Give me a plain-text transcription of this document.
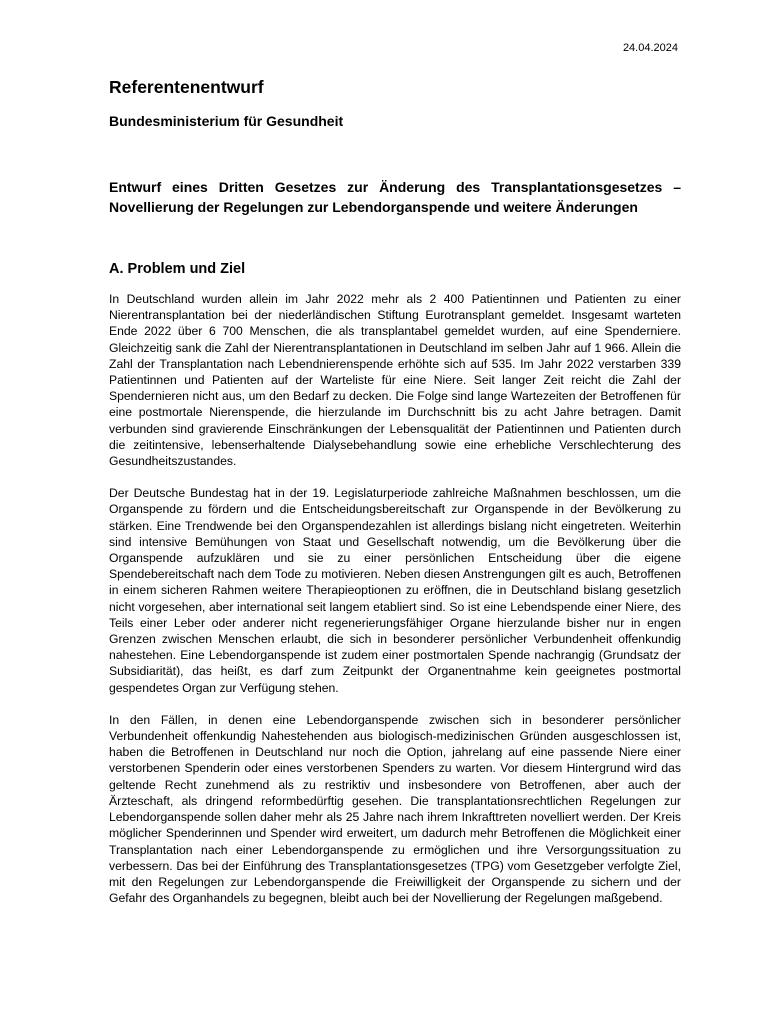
24.04.2024
Referentenentwurf
Bundesministerium für Gesundheit
Entwurf eines Dritten Gesetzes zur Änderung des Transplantationsgesetzes – Novellierung der Regelungen zur Lebendorganspende und weitere Änderungen
A. Problem und Ziel

In Deutschland wurden allein im Jahr 2022 mehr als 2 400 Patientinnen und Patienten zu einer Nierentransplantation bei der niederländischen Stiftung Eurotransplant gemeldet. Insgesamt warteten Ende 2022 über 6 700 Menschen, die als transplantabel gemeldet wurden, auf eine Spenderniere. Gleichzeitig sank die Zahl der Nierentransplantationen in Deutschland im selben Jahr auf 1 966. Allein die Zahl der Transplantation nach Lebendnierenspende erhöhte sich auf 535. Im Jahr 2022 verstarben 339 Patientinnen und Patienten auf der Warteliste für eine Niere. Seit langer Zeit reicht die Zahl der Spendernieren nicht aus, um den Bedarf zu decken. Die Folge sind lange Wartezeiten der Betroffenen für eine postmortale Nierenspende, die hierzulande im Durchschnitt bis zu acht Jahre betragen. Damit verbunden sind gravierende Einschränkungen der Lebensqualität der Patientinnen und Patienten durch die zeitintensive, lebenserhaltende Dialysebehandlung sowie eine erhebliche Verschlechterung des Gesundheitszustandes.

Der Deutsche Bundestag hat in der 19. Legislaturperiode zahlreiche Maßnahmen beschlossen, um die Organspende zu fördern und die Entscheidungsbereitschaft zur Organspende in der Bevölkerung zu stärken. Eine Trendwende bei den Organspendezahlen ist allerdings bislang nicht eingetreten. Weiterhin sind intensive Bemühungen von Staat und Gesellschaft notwendig, um die Bevölkerung über die Organspende aufzuklären und sie zu einer persönlichen Entscheidung über die eigene Spendebereitschaft nach dem Tode zu motivieren. Neben diesen Anstrengungen gilt es auch, Betroffenen in einem sicheren Rahmen weitere Therapieoptionen zu eröffnen, die in Deutschland bislang gesetzlich nicht vorgesehen, aber international seit langem etabliert sind. So ist eine Lebendspende einer Niere, des Teils einer Leber oder anderer nicht regenerierungsfähiger Organe hierzulande bisher nur in engen Grenzen zwischen Menschen erlaubt, die sich in besonderer persönlicher Verbundenheit offenkundig nahestehen. Eine Lebendorganspende ist zudem einer postmortalen Spende nachrangig (Grundsatz der Subsidiarität), das heißt, es darf zum Zeitpunkt der Organentnahme kein geeignetes postmortal gespendetes Organ zur Verfügung stehen.

In den Fällen, in denen eine Lebendorganspende zwischen sich in besonderer persönlicher Verbundenheit offenkundig Nahestehenden aus biologisch-medizinischen Gründen ausgeschlossen ist, haben die Betroffenen in Deutschland nur noch die Option, jahrelang auf eine passende Niere einer verstorbenen Spenderin oder eines verstorbenen Spenders zu warten. Vor diesem Hintergrund wird das geltende Recht zunehmend als zu restriktiv und insbesondere von Betroffenen, aber auch der Ärzteschaft, als dringend reformbedürftig gesehen. Die transplantationsrechtlichen Regelungen zur Lebendorganspende sollen daher mehr als 25 Jahre nach ihrem Inkrafttreten novelliert werden. Der Kreis möglicher Spenderinnen und Spender wird erweitert, um dadurch mehr Betroffenen die Möglichkeit einer Transplantation nach einer Lebendorganspende zu ermöglichen und ihre Versorgungssituation zu verbessern. Das bei der Einführung des Transplantationsgesetzes (TPG) vom Gesetzgeber verfolgte Ziel, mit den Regelungen zur Lebendorganspende die Freiwilligkeit der Organspende zu sichern und der Gefahr des Organhandels zu begegnen, bleibt auch bei der Novellierung der Regelungen maßgebend.
